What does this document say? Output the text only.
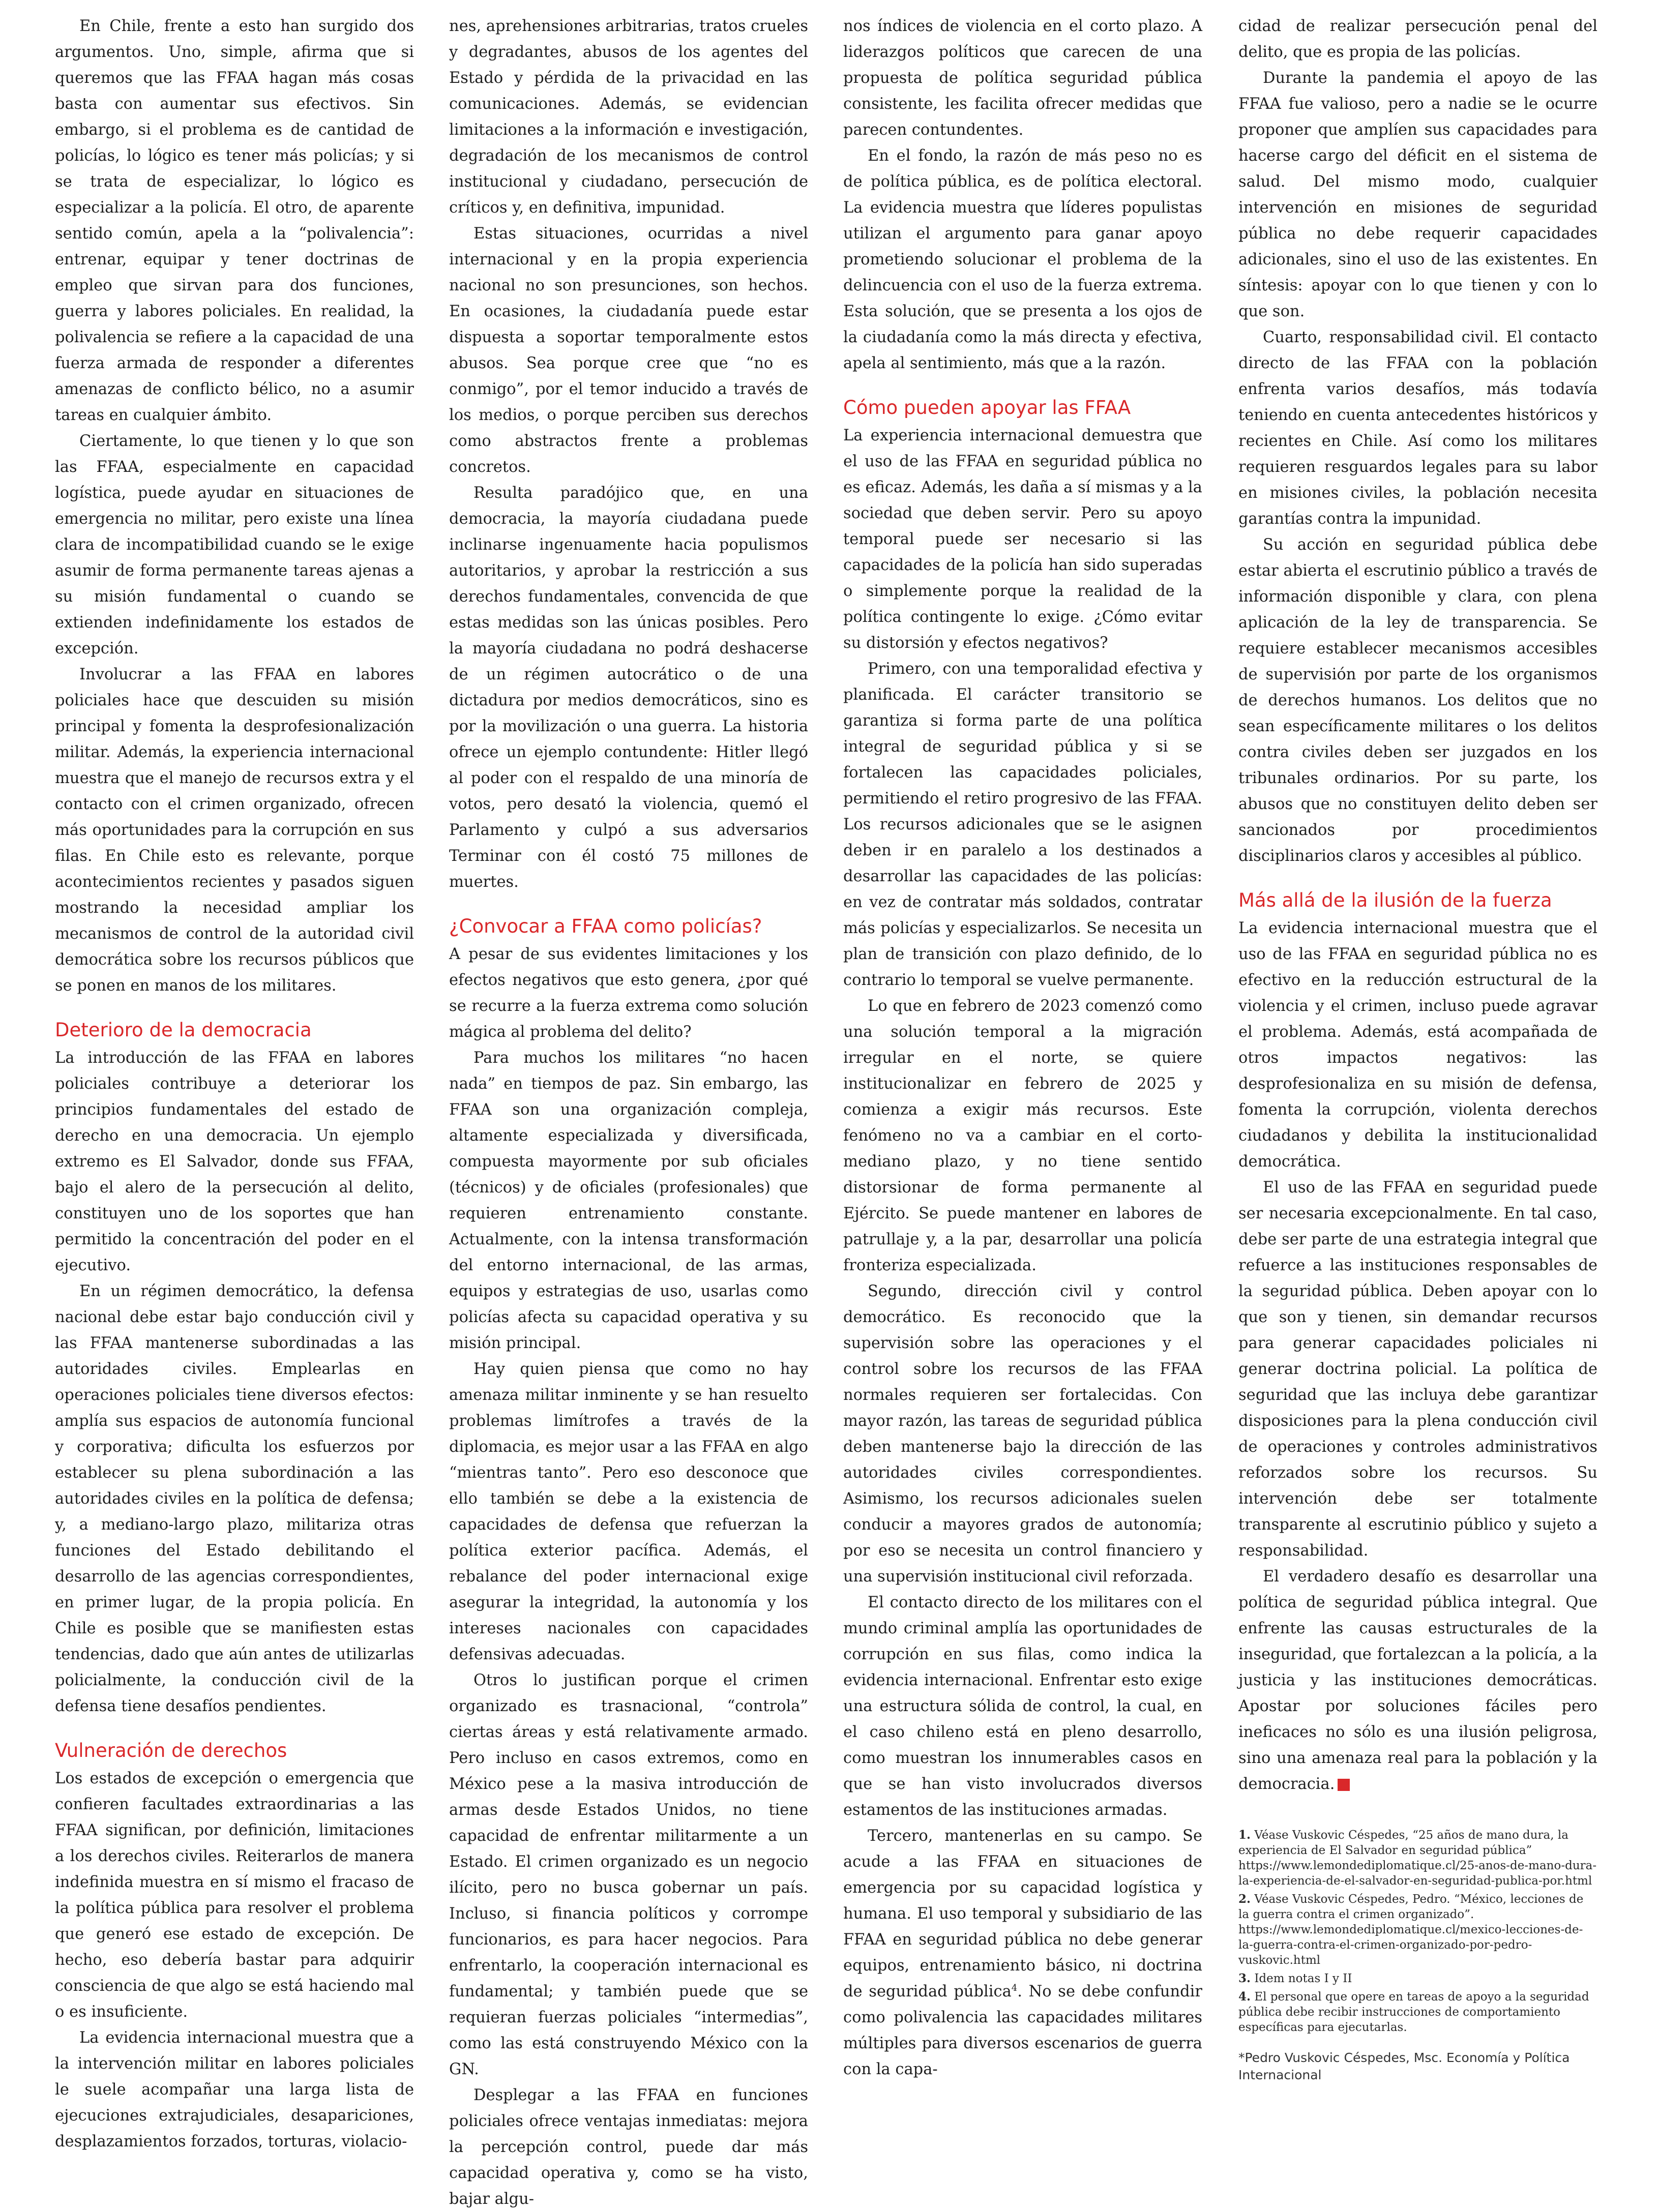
En Chile, frente a esto han surgido dos argumentos. Uno, simple, afirma que si queremos que las FFAA hagan más cosas basta con aumentar sus efectivos. Sin embargo, si el problema es de cantidad de policías, lo lógico es tener más policías; y si se trata de especializar, lo lógico es especializar a la policía. El otro, de aparente sentido común, apela a la “polivalencia”: entrenar, equipar y tener doctrinas de empleo que sirvan para dos funciones, guerra y labores policiales. En realidad, la polivalencia se refiere a la capacidad de una fuerza armada de responder a diferentes amenazas de conflicto bélico, no a asumir tareas en cualquier ámbito.

Ciertamente, lo que tienen y lo que son las FFAA, especialmente en capacidad logística, puede ayudar en situaciones de emergencia no militar, pero existe una línea clara de incompatibilidad cuando se le exige asumir de forma permanente tareas ajenas a su misión fundamental o cuando se extienden indefinidamente los estados de excepción.

Involucrar a las FFAA en labores policiales hace que descuiden su misión principal y fomenta la desprofesionalización militar. Además, la experiencia internacional muestra que el manejo de recursos extra y el contacto con el crimen organizado, ofrecen más oportunidades para la corrupción en sus filas. En Chile esto es relevante, porque acontecimientos recientes y pasados siguen mostrando la necesidad ampliar los mecanismos de control de la autoridad civil democrática sobre los recursos públicos que se ponen en manos de los militares.

Deterioro de la democracia

La introducción de las FFAA en labores policiales contribuye a deteriorar los principios fundamentales del estado de derecho en una democracia. Un ejemplo extremo es El Salvador, donde sus FFAA, bajo el alero de la persecución al delito, constituyen uno de los soportes que han permitido la concentración del poder en el ejecutivo.

En un régimen democrático, la defensa nacional debe estar bajo conducción civil y las FFAA mantenerse subordinadas a las autoridades civiles. Emplearlas en operaciones policiales tiene diversos efectos: amplía sus espacios de autonomía funcional y corporativa; dificulta los esfuerzos por establecer su plena subordinación a las autoridades civiles en la política de defensa; y, a mediano-largo plazo, militariza otras funciones del Estado debilitando el desarrollo de las agencias correspondientes, en primer lugar, de la propia policía. En Chile es posible que se manifiesten estas tendencias, dado que aún antes de utilizarlas policialmente, la conducción civil de la defensa tiene desafíos pendientes.

Vulneración de derechos

Los estados de excepción o emergencia que confieren facultades extraordinarias a las FFAA significan, por definición, limitaciones a los derechos civiles. Reiterarlos de manera indefinida muestra en sí mismo el fracaso de la política pública para resolver el problema que generó ese estado de excepción. De hecho, eso debería bastar para adquirir consciencia de que algo se está haciendo mal o es insuficiente.

La evidencia internacional muestra que a la intervención militar en labores policiales le suele acompañar una larga lista de ejecuciones extrajudiciales, desapariciones, desplazamientos forzados, torturas, violacio-

nes, aprehensiones arbitrarias, tratos crueles y degradantes, abusos de los agentes del Estado y pérdida de la privacidad en las comunicaciones. Además, se evidencian limitaciones a la información e investigación, degradación de los mecanismos de control institucional y ciudadano, persecución de críticos y, en definitiva, impunidad.

Estas situaciones, ocurridas a nivel internacional y en la propia experiencia nacional no son presunciones, son hechos. En ocasiones, la ciudadanía puede estar dispuesta a soportar temporalmente estos abusos. Sea porque cree que “no es conmigo”, por el temor inducido a través de los medios, o porque perciben sus derechos como abstractos frente a problemas concretos.

Resulta paradójico que, en una democracia, la mayoría ciudadana puede inclinarse ingenuamente hacia populismos autoritarios, y aprobar la restricción a sus derechos fundamentales, convencida de que estas medidas son las únicas posibles. Pero la mayoría ciudadana no podrá deshacerse de un régimen autocrático o de una dictadura por medios democráticos, sino es por la movilización o una guerra. La historia ofrece un ejemplo contundente: Hitler llegó al poder con el respaldo de una minoría de votos, pero desató la violencia, quemó el Parlamento y culpó a sus adversarios Terminar con él costó 75 millones de muertes.

¿Convocar a FFAA como policías?

A pesar de sus evidentes limitaciones y los efectos negativos que esto genera, ¿por qué se recurre a la fuerza extrema como solución mágica al problema del delito?

Para muchos los militares “no hacen nada” en tiempos de paz. Sin embargo, las FFAA son una organización compleja, altamente especializada y diversificada, compuesta mayormente por sub oficiales (técnicos) y de oficiales (profesionales) que requieren entrenamiento constante. Actualmente, con la intensa transformación del entorno internacional, de las armas, equipos y estrategias de uso, usarlas como policías afecta su capacidad operativa y su misión principal.

Hay quien piensa que como no hay amenaza militar inminente y se han resuelto problemas limítrofes a través de la diplomacia, es mejor usar a las FFAA en algo “mientras tanto”. Pero eso desconoce que ello también se debe a la existencia de capacidades de defensa que refuerzan la política exterior pacífica. Además, el rebalance del poder internacional exige asegurar la integridad, la autonomía y los intereses nacionales con capacidades defensivas adecuadas.

Otros lo justifican porque el crimen organizado es trasnacional, “controla” ciertas áreas y está relativamente armado. Pero incluso en casos extremos, como en México pese a la masiva introducción de armas desde Estados Unidos, no tiene capacidad de enfrentar militarmente a un Estado. El crimen organizado es un negocio ilícito, pero no busca gobernar un país. Incluso, si financia políticos y corrompe funcionarios, es para hacer negocios. Para enfrentarlo, la cooperación internacional es fundamental; y también puede que se requieran fuerzas policiales “intermedias”, como las está construyendo México con la GN.

Desplegar a las FFAA en funciones policiales ofrece ventajas inmediatas: mejora la percepción control, puede dar más capacidad operativa y, como se ha visto, bajar algu-

nos índices de violencia en el corto plazo. A liderazgos políticos que carecen de una propuesta de política seguridad pública consistente, les facilita ofrecer medidas que parecen contundentes.

En el fondo, la razón de más peso no es de política pública, es de política electoral. La evidencia muestra que líderes populistas utilizan el argumento para ganar apoyo prometiendo solucionar el problema de la delincuencia con el uso de la fuerza extrema. Esta solución, que se presenta a los ojos de la ciudadanía como la más directa y efectiva, apela al sentimiento, más que a la razón.

Cómo pueden apoyar las FFAA

La experiencia internacional demuestra que el uso de las FFAA en seguridad pública no es eficaz. Además, les daña a sí mismas y a la sociedad que deben servir. Pero su apoyo temporal puede ser necesario si las capacidades de la policía han sido superadas o simplemente porque la realidad de la política contingente lo exige. ¿Cómo evitar su distorsión y efectos negativos?

Primero, con una temporalidad efectiva y planificada. El carácter transitorio se garantiza si forma parte de una política integral de seguridad pública y si se fortalecen las capacidades policiales, permitiendo el retiro progresivo de las FFAA. Los recursos adicionales que se le asignen deben ir en paralelo a los destinados a desarrollar las capacidades de las policías: en vez de contratar más soldados, contratar más policías y especializarlos. Se necesita un plan de transición con plazo definido, de lo contrario lo temporal se vuelve permanente.

Lo que en febrero de 2023 comenzó como una solución temporal a la migración irregular en el norte, se quiere institucionalizar en febrero de 2025 y comienza a exigir más recursos. Este fenómeno no va a cambiar en el corto-mediano plazo, y no tiene sentido distorsionar de forma permanente al Ejército. Se puede mantener en labores de patrullaje y, a la par, desarrollar una policía fronteriza especializada.

Segundo, dirección civil y control democrático. Es reconocido que la supervisión sobre las operaciones y el control sobre los recursos de las FFAA normales requieren ser fortalecidas. Con mayor razón, las tareas de seguridad pública deben mantenerse bajo la dirección de las autoridades civiles correspondientes. Asimismo, los recursos adicionales suelen conducir a mayores grados de autonomía; por eso se necesita un control financiero y una supervisión institucional civil reforzada.

El contacto directo de los militares con el mundo criminal amplía las oportunidades de corrupción en sus filas, como indica la evidencia internacional. Enfrentar esto exige una estructura sólida de control, la cual, en el caso chileno está en pleno desarrollo, como muestran los innumerables casos en que se han visto involucrados diversos estamentos de las instituciones armadas.

Tercero, mantenerlas en su campo. Se acude a las FFAA en situaciones de emergencia por su capacidad logística y humana. El uso temporal y subsidiario de las FFAA en seguridad pública no debe generar equipos, entrenamiento básico, ni doctrina de seguridad pública$^4$. No se debe confundir como polivalencia las capacidades militares múltiples para diversos escenarios de guerra con la capa-

cidad de realizar persecución penal del delito, que es propia de las policías.

Durante la pandemia el apoyo de las FFAA fue valioso, pero a nadie se le ocurre proponer que amplíen sus capacidades para hacerse cargo del déficit en el sistema de salud. Del mismo modo, cualquier intervención en misiones de seguridad pública no debe requerir capacidades adicionales, sino el uso de las existentes. En síntesis: apoyar con lo que tienen y con lo que son.

Cuarto, responsabilidad civil. El contacto directo de las FFAA con la población enfrenta varios desafíos, más todavía teniendo en cuenta antecedentes históricos y recientes en Chile. Así como los militares requieren resguardos legales para su labor en misiones civiles, la población necesita garantías contra la impunidad.

Su acción en seguridad pública debe estar abierta el escrutinio público a través de información disponible y clara, con plena aplicación de la ley de transparencia. Se requiere establecer mecanismos accesibles de supervisión por parte de los organismos de derechos humanos. Los delitos que no sean específicamente militares o los delitos contra civiles deben ser juzgados en los tribunales ordinarios. Por su parte, los abusos que no constituyen delito deben ser sancionados por procedimientos disciplinarios claros y accesibles al público.

Más allá de la ilusión de la fuerza

La evidencia internacional muestra que el uso de las FFAA en seguridad pública no es efectivo en la reducción estructural de la violencia y el crimen, incluso puede agravar el problema. Además, está acompañada de otros impactos negativos: las desprofesionaliza en su misión de defensa, fomenta la corrupción, violenta derechos ciudadanos y debilita la institucionalidad democrática.

El uso de las FFAA en seguridad puede ser necesaria excepcionalmente. En tal caso, debe ser parte de una estrategia integral que refuerce a las instituciones responsables de la seguridad pública. Deben apoyar con lo que son y tienen, sin demandar recursos para generar capacidades policiales ni generar doctrina policial. La política de seguridad que las incluya debe garantizar disposiciones para la plena conducción civil de operaciones y controles administrativos reforzados sobre los recursos. Su intervención debe ser totalmente transparente al escrutinio público y sujeto a responsabilidad.

El verdadero desafío es desarrollar una política de seguridad pública integral. Que enfrente las causas estructurales de la inseguridad, que fortalezcan a la policía, a la justicia y las instituciones democráticas. Apostar por soluciones fáciles pero ineficaces no sólo es una ilusión peligrosa, sino una amenaza real para la población y la democracia.

1. Véase Vuskovic Céspedes, “25 años de mano dura, la experiencia de El Salvador en seguridad pública” https://www.lemondediplomatique.cl/25-anos-de-mano-dura-la-experiencia-de-el-salvador-en-seguridad-publica-por.html
2. Véase Vuskovic Céspedes, Pedro. “México, lecciones de la guerra contra el crimen organizado”. https://www.lemondediplomatique.cl/mexico-lecciones-de-la-guerra-contra-el-crimen-organizado-por-pedro-vuskovic.html
3. Idem notas I y II
4. El personal que opere en tareas de apoyo a la seguridad pública debe recibir instrucciones de comportamiento específicas para ejecutarlas.
*Pedro Vuskovic Céspedes, Msc. Economía y Política Internacional
